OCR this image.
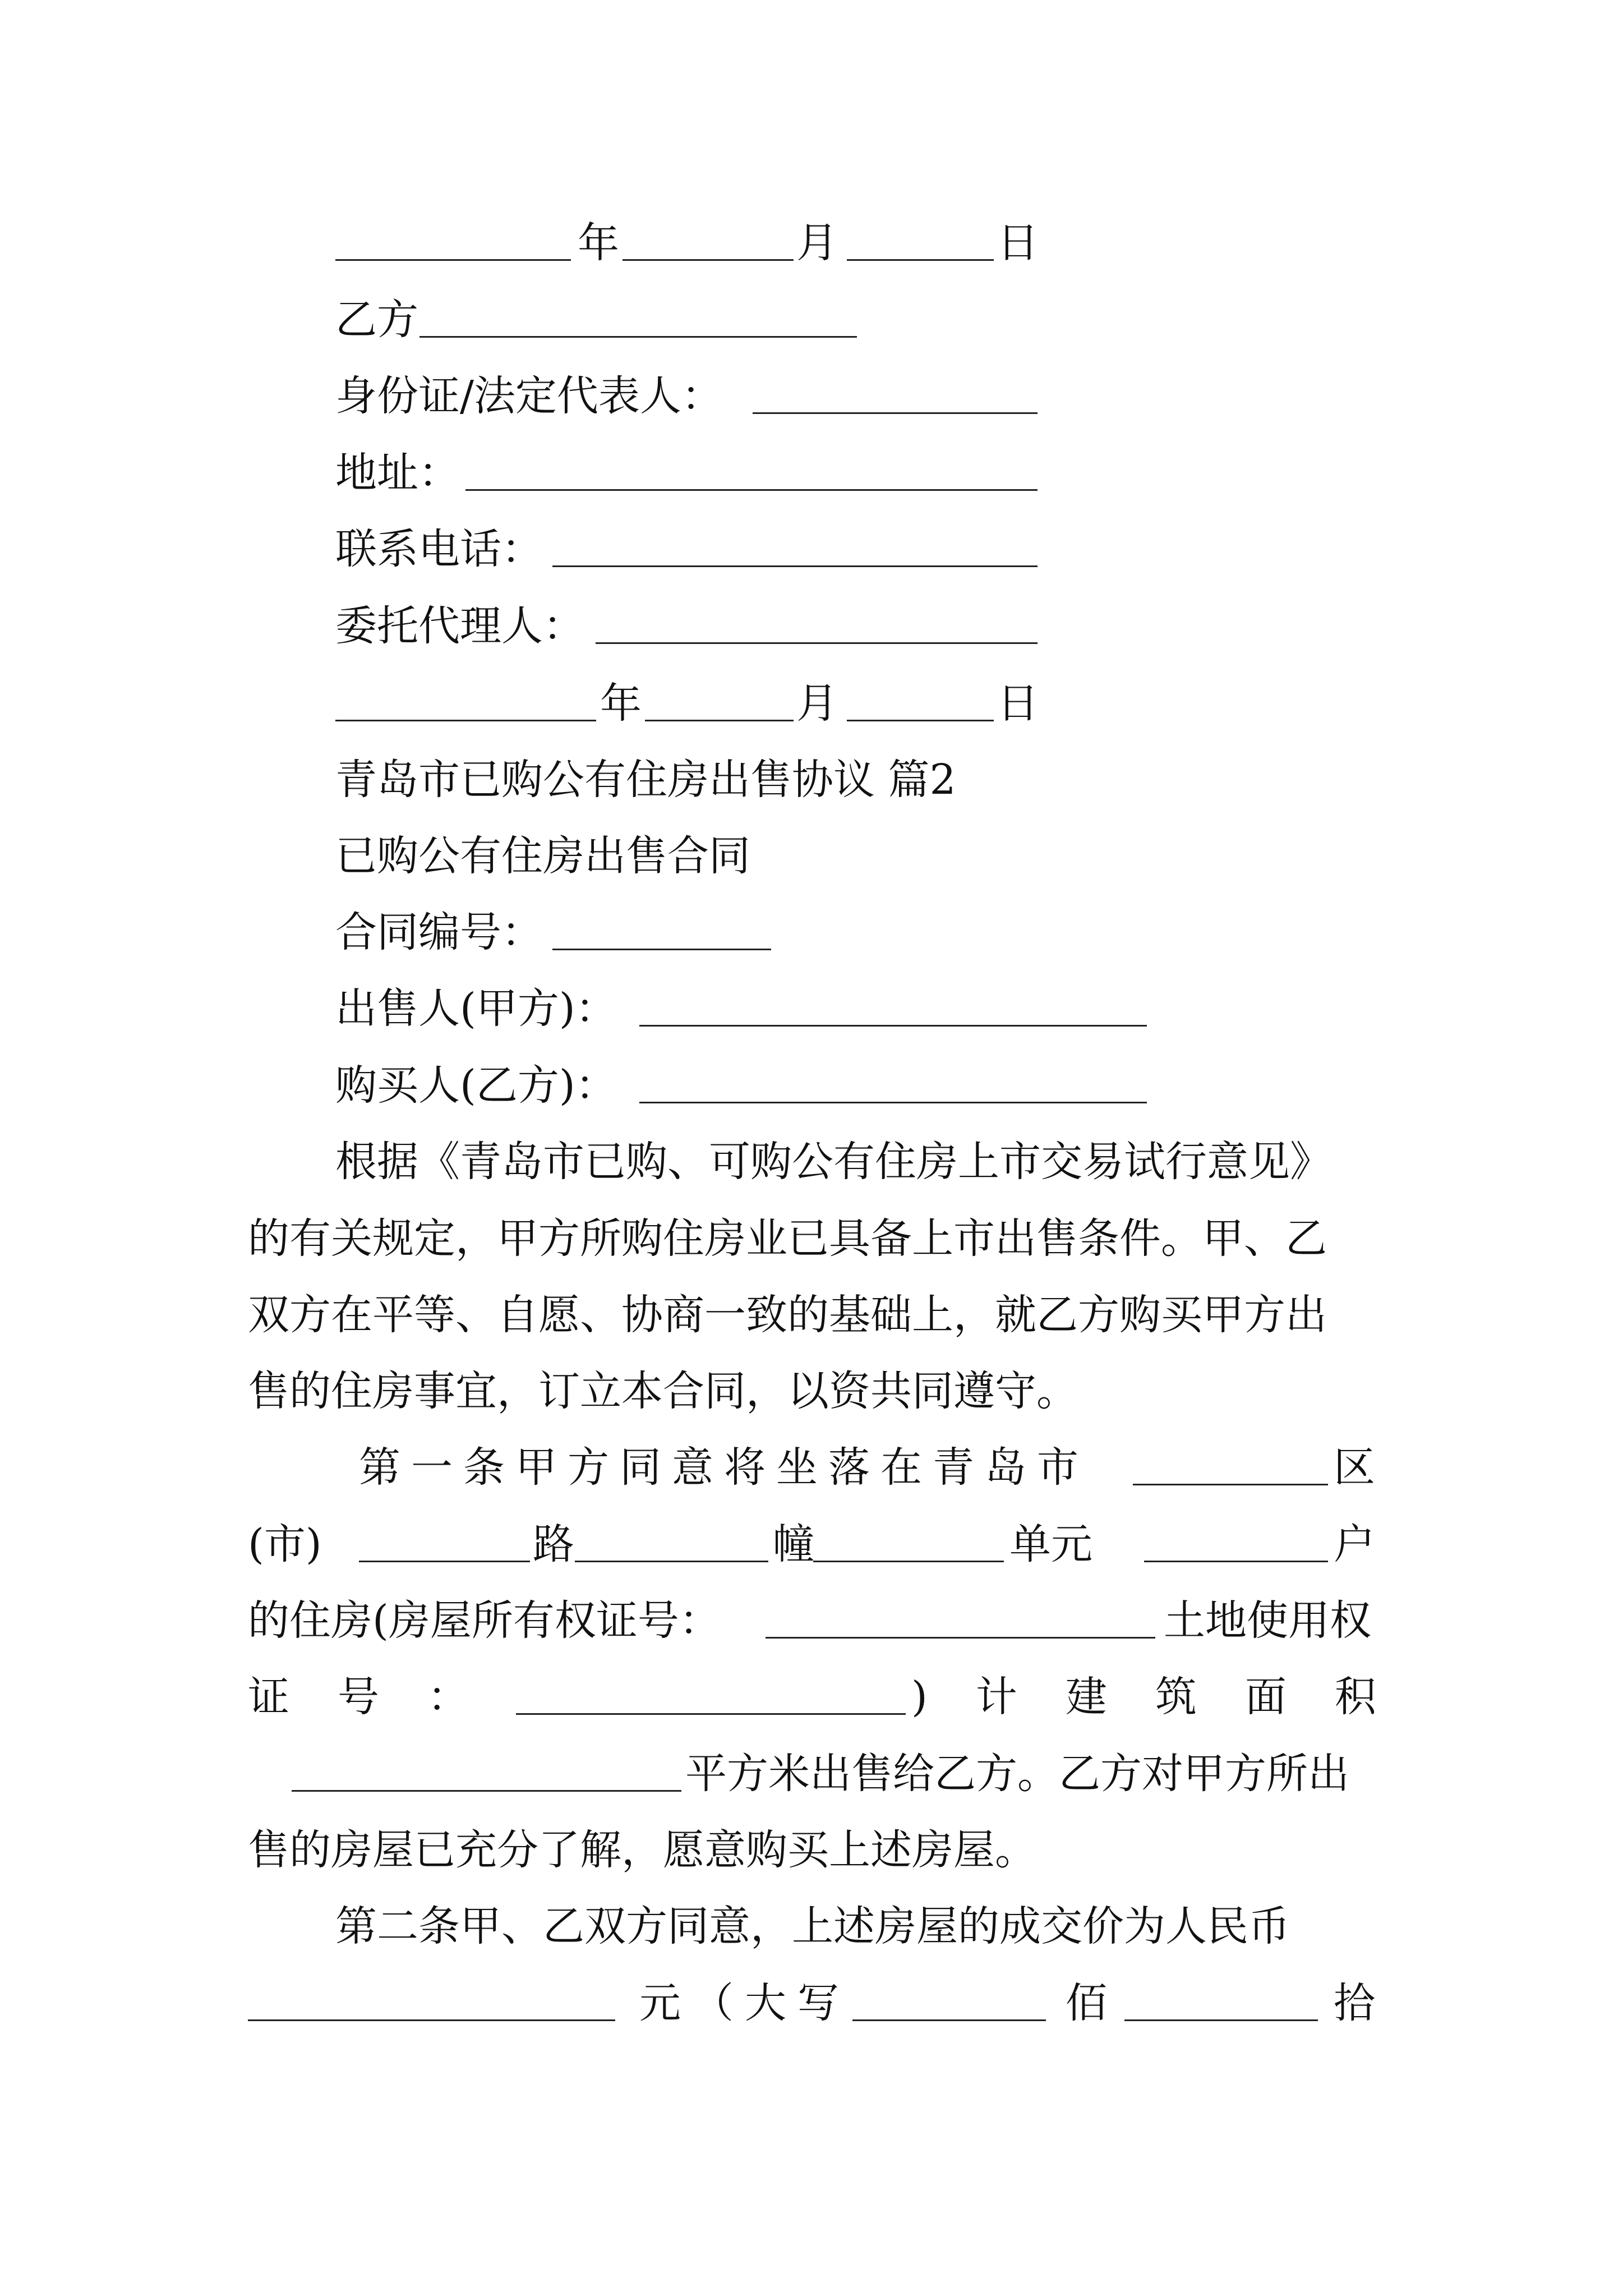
年	月	日
乙方
身份证/法定代表人：
地址：
联系电话：
委托代理人：
年	月	日
青岛市已购公有住房出售协议 篇2
已购公有住房出售合同
合同编号：
出售人(甲方)：
购买人(乙方)：
根据《青岛市已购、可购公有住房上市交易试行意见》
的有关规定，甲方所购住房业已具备上市出售条件。甲、乙
双方在平等、自愿、协商一致的基础上，就乙方购买甲方出
售的住房事宜，订立本合同，以资共同遵守。
第一条甲方同意将坐落在青岛市	区
(市)	路	幢	单元	户
的住房(房屋所有权证号：	土地使用权
证号：	)计建筑面积
平方米出售给乙方。乙方对甲方所出
售的房屋已充分了解，愿意购买上述房屋。
第二条甲、乙双方同意，上述房屋的成交价为人民币
元（大写	佰	拾
